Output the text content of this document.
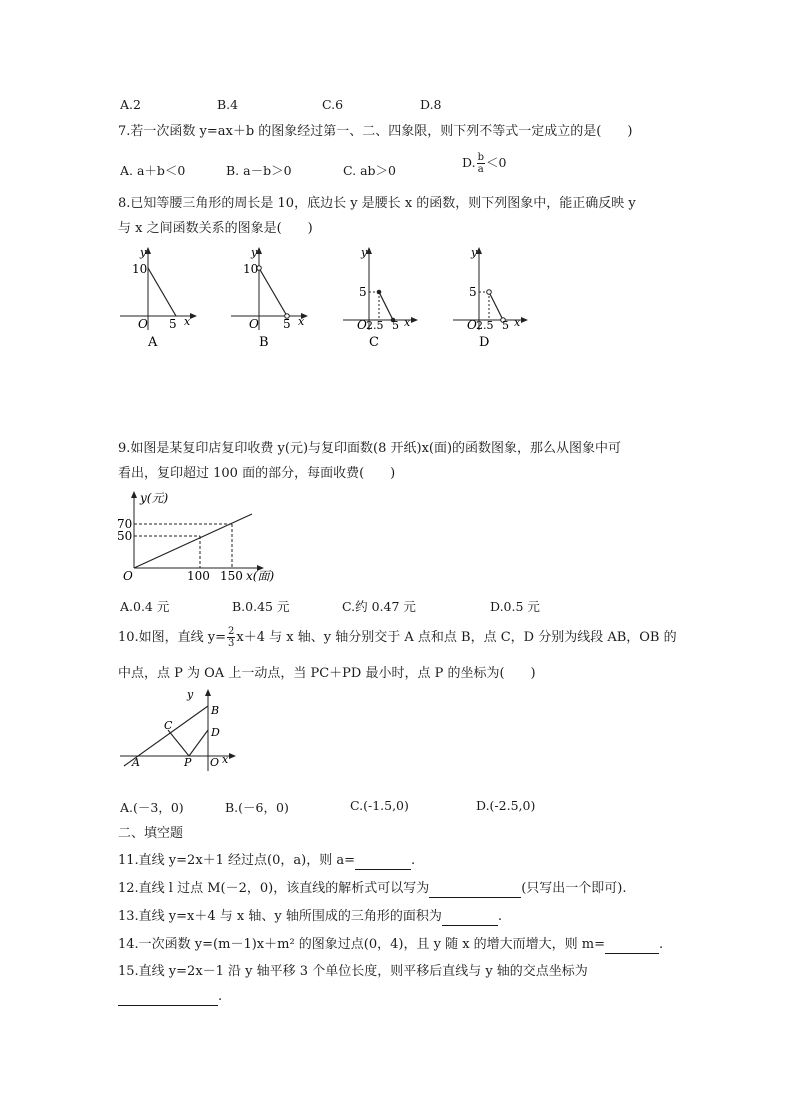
A.2	B.4	C.6	D.8
7.若一次函数 y=ax＋b 的图象经过第一、二、四象限，则下列不等式一定成立的是(　　)
A. a＋b＜0	B. a－b＞0	C. ab＞0
D. $\frac{b}{a} <0$
8.已知等腰三角形的周长是 10，底边长 y 是腰长 x 的函数，则下列图象中，能正确反映 y
与 x 之间函数关系的图象是(　　)
y
10
O 5 x
A
y
10
O 5 x
B
y
5
O 2.5 5 x
C
y
5
O 2.5 5 x
D
9.如图是某复印店复印收费 y(元)与复印面数(8 开纸)x(面)的函数图象，那么从图象中可
看出，复印超过 100 面的部分，每面收费(　　)
y(元)
70
50
O	100 150 x(面)
A.0.4 元	B.0.45 元	C.约 0.47 元	D.0.5 元
10.如图，直线 $y= \frac{2}{3} x+4$ 与 x 轴、y 轴分别交于 A 点和点 B，点 C，D 分别为线段 AB，OB 的
中点，点 P 为 OA 上一动点，当 PC＋PD 最小时，点 P 的坐标为(　　)
y
B
C
D
A	P O x
A.(－3，0)	B.(－6，0)	C.(-1.5,0)	D.(-2.5,0)
二、填空题
11.直线 y=2x＋1 经过点(0，a)，则 a=	.
12.直线 l 过点 M(－2，0)，该直线的解析式可以写为	(只写出一个即可).
13.直线 y=x＋4 与 x 轴、y 轴所围成的三角形的面积为	.
14.一次函数 y=(m－1)x＋m² 的图象过点(0，4)，且 y 随 x 的增大而增大，则 m=	.
15.直线 y=2x－1 沿 y 轴平移 3 个单位长度，则平移后直线与 y 轴的交点坐标为
.
